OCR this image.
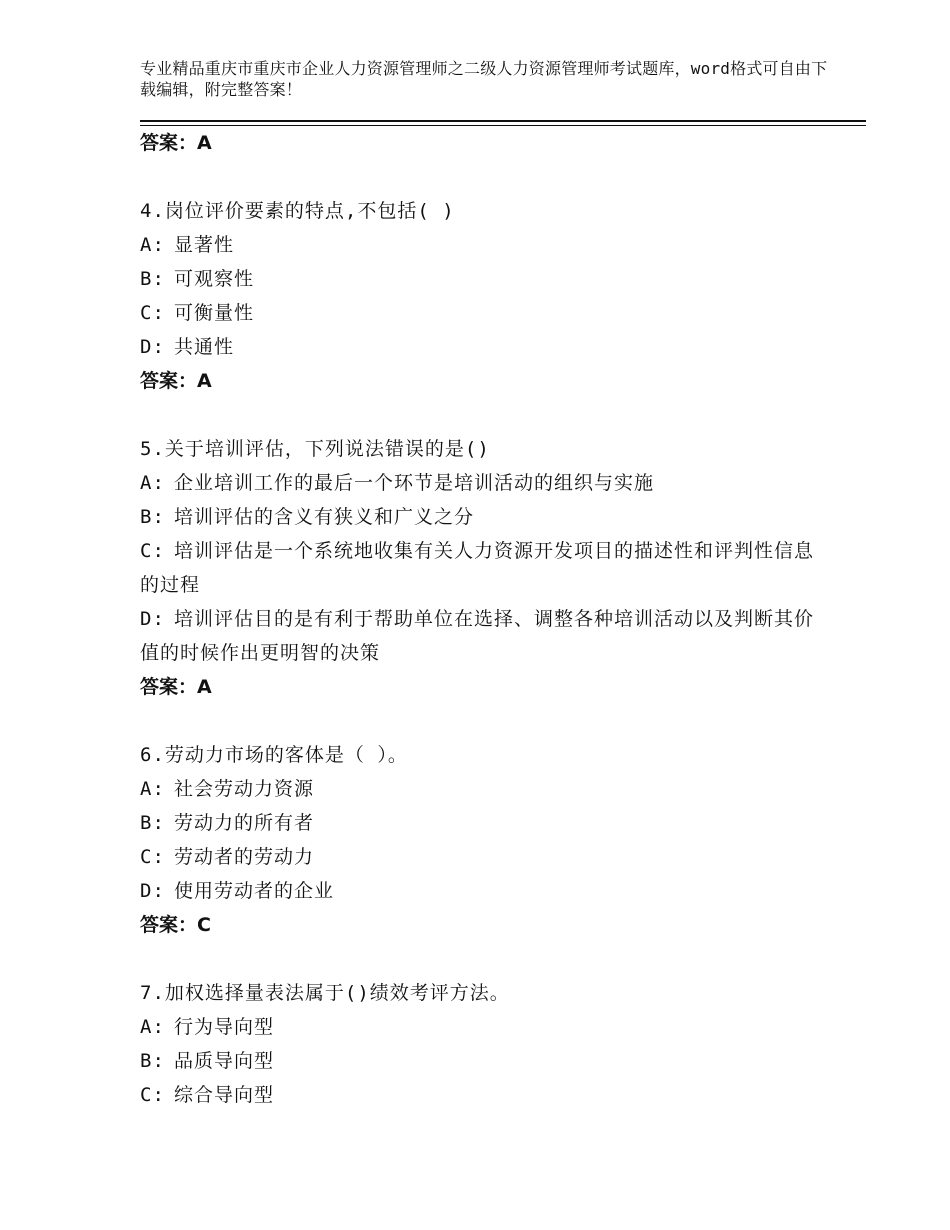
专业精品重庆市重庆市企业人力资源管理师之二级人力资源管理师考试题库，word格式可自由下载编辑，附完整答案！
答案：A
4.岗位评价要素的特点,不包括( )
A: 显著性
B: 可观察性
C: 可衡量性
D: 共通性
答案：A
5.关于培训评估，下列说法错误的是()
A: 企业培训工作的最后一个环节是培训活动的组织与实施
B: 培训评估的含义有狭义和广义之分
C: 培训评估是一个系统地收集有关人力资源开发项目的描述性和评判性信息的过程
D: 培训评估目的是有利于帮助单位在选择、调整各种培训活动以及判断其价值的时候作出更明智的决策
答案：A
6.劳动力市场的客体是（ ）。
A: 社会劳动力资源
B: 劳动力的所有者
C: 劳动者的劳动力
D: 使用劳动者的企业
答案：C
7.加权选择量表法属于()绩效考评方法。
A: 行为导向型
B: 品质导向型
C: 综合导向型
